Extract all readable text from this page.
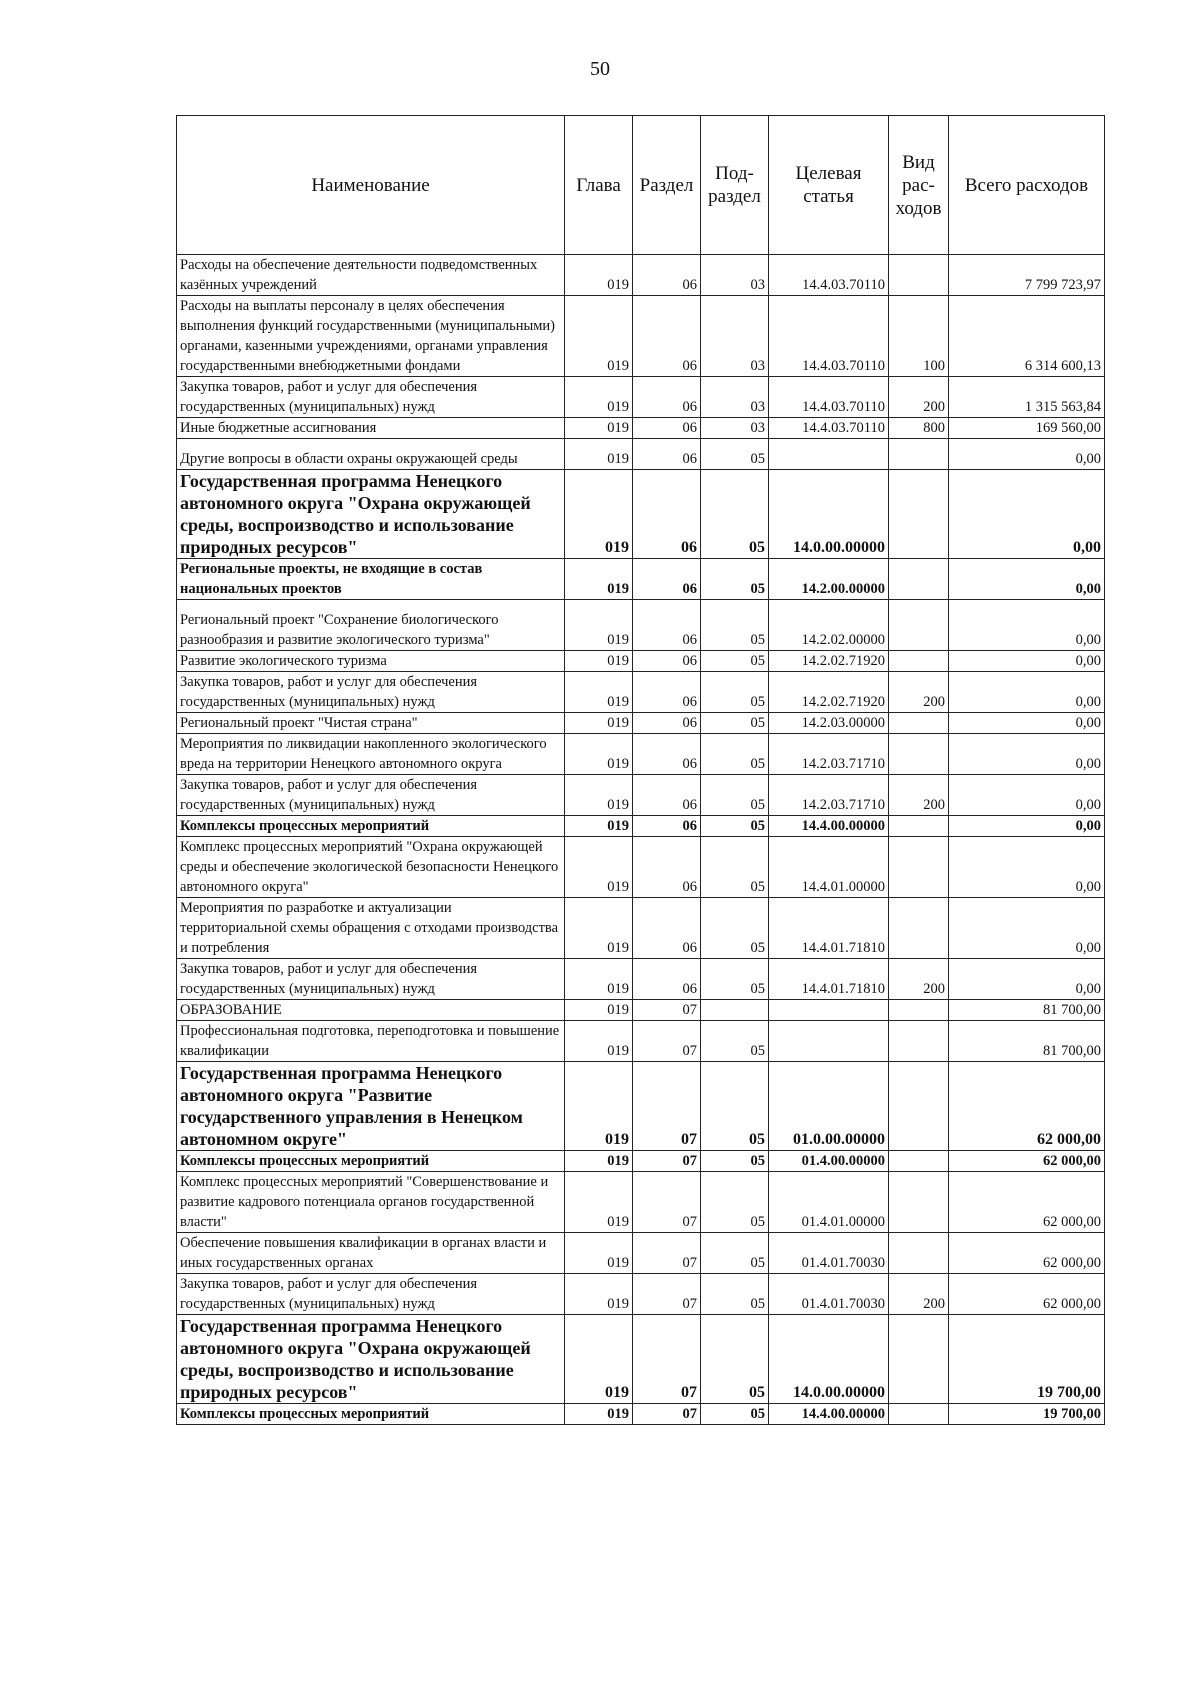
50
Наименование	Глава	Раздел	Под-раздел	Целевая статья	Вид рас-ходов	Всего расходов
Расходы на обеспечение деятельности подведомственных казённых учреждений	019	06	03	14.4.03.70110		7 799 723,97
Расходы на выплаты персоналу в целях обеспечения выполнения функций государственными (муниципальными) органами, казенными учреждениями, органами управления государственными внебюджетными фондами	019	06	03	14.4.03.70110	100	6 314 600,13
Закупка товаров, работ и услуг для обеспечения государственных (муниципальных) нужд	019	06	03	14.4.03.70110	200	1 315 563,84
Иные бюджетные ассигнования	019	06	03	14.4.03.70110	800	169 560,00
Другие вопросы в области охраны окружающей среды	019	06	05			0,00
Государственная программа Ненецкого автономного округа "Охрана окружающей среды, воспроизводство и использование природных ресурсов"	019	06	05	14.0.00.00000		0,00
Региональные проекты, не входящие в состав национальных проектов	019	06	05	14.2.00.00000		0,00
Региональный проект "Сохранение биологического разнообразия и развитие экологического туризма"	019	06	05	14.2.02.00000		0,00
Развитие экологического туризма	019	06	05	14.2.02.71920		0,00
Закупка товаров, работ и услуг для обеспечения государственных (муниципальных) нужд	019	06	05	14.2.02.71920	200	0,00
Региональный проект "Чистая страна"	019	06	05	14.2.03.00000		0,00
Мероприятия по ликвидации накопленного экологического вреда на территории Ненецкого автономного округа	019	06	05	14.2.03.71710		0,00
Закупка товаров, работ и услуг для обеспечения государственных (муниципальных) нужд	019	06	05	14.2.03.71710	200	0,00
Комплексы процессных мероприятий	019	06	05	14.4.00.00000		0,00
Комплекс процессных мероприятий "Охрана окружающей среды и обеспечение экологической безопасности Ненецкого автономного округа"	019	06	05	14.4.01.00000		0,00
Мероприятия по разработке и актуализации территориальной схемы обращения с отходами производства и потребления	019	06	05	14.4.01.71810		0,00
Закупка товаров, работ и услуг для обеспечения государственных (муниципальных) нужд	019	06	05	14.4.01.71810	200	0,00
ОБРАЗОВАНИЕ	019	07				81 700,00
Профессиональная подготовка, переподготовка и повышение квалификации	019	07	05			81 700,00
Государственная программа Ненецкого автономного округа "Развитие государственного управления в Ненецком автономном округе"	019	07	05	01.0.00.00000		62 000,00
Комплексы процессных мероприятий	019	07	05	01.4.00.00000		62 000,00
Комплекс процессных мероприятий "Совершенствование и развитие кадрового потенциала органов государственной власти"	019	07	05	01.4.01.00000		62 000,00
Обеспечение повышения квалификации в органах власти и иных государственных органах	019	07	05	01.4.01.70030		62 000,00
Закупка товаров, работ и услуг для обеспечения государственных (муниципальных) нужд	019	07	05	01.4.01.70030	200	62 000,00
Государственная программа Ненецкого автономного округа "Охрана окружающей среды, воспроизводство и использование природных ресурсов"	019	07	05	14.0.00.00000		19 700,00
Комплексы процессных мероприятий	019	07	05	14.4.00.00000		19 700,00
